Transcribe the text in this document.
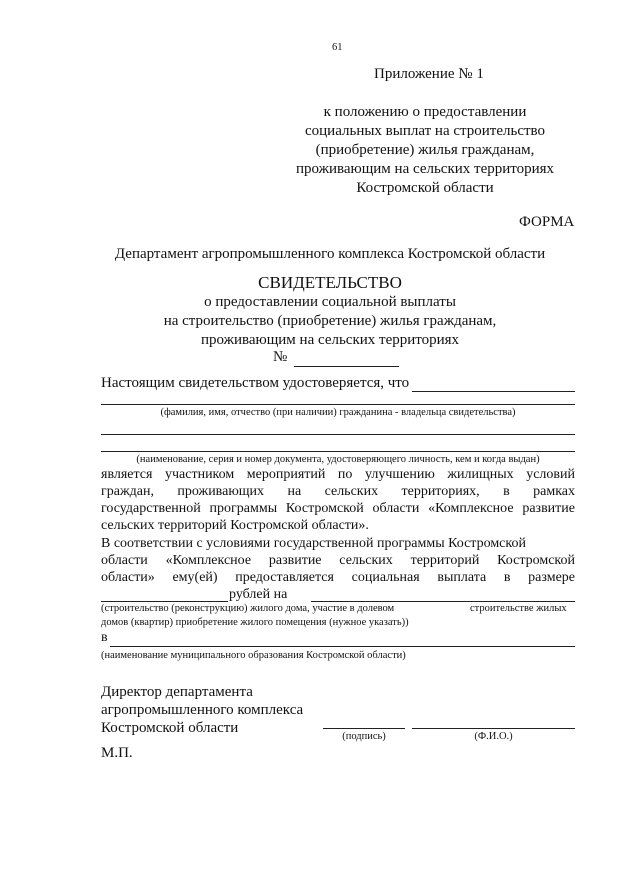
61
Приложение № 1
к положению о предоставлении
социальных выплат на строительство
(приобретение) жилья гражданам,
проживающим на сельских территориях
Костромской области
ФОРМА
Департамент агропромышленного комплекса Костромской области
СВИДЕТЕЛЬСТВО
о предоставлении социальной выплаты
на строительство (приобретение) жилья гражданам,
проживающим на сельских территориях
№
Настоящим свидетельством удостоверяется, что
(фамилия, имя, отчество (при наличии) гражданина - владельца свидетельства)
(наименование, серия и номер документа, удостоверяющего личность, кем и когда выдан)
является участником мероприятий по улучшению жилищных условий
граждан, проживающих на сельских территориях, в рамках
государственной программы Костромской области «Комплексное развитие
сельских территорий Костромской области».
В соответствии с условиями государственной программы Костромской
области «Комплексное развитие сельских территорий Костромской
области» ему(ей) предоставляется социальная выплата в размере
рублей на
(строительство (реконструкцию) жилого дома, участие в долевом	строительстве жилых
домов (квартир) приобретение жилого помещения (нужное указать))
в
(наименование муниципального образования Костромской области)
Директор департамента
агропромышленного комплекса
Костромской области
(подпись)	(Ф.И.О.)
М.П.
